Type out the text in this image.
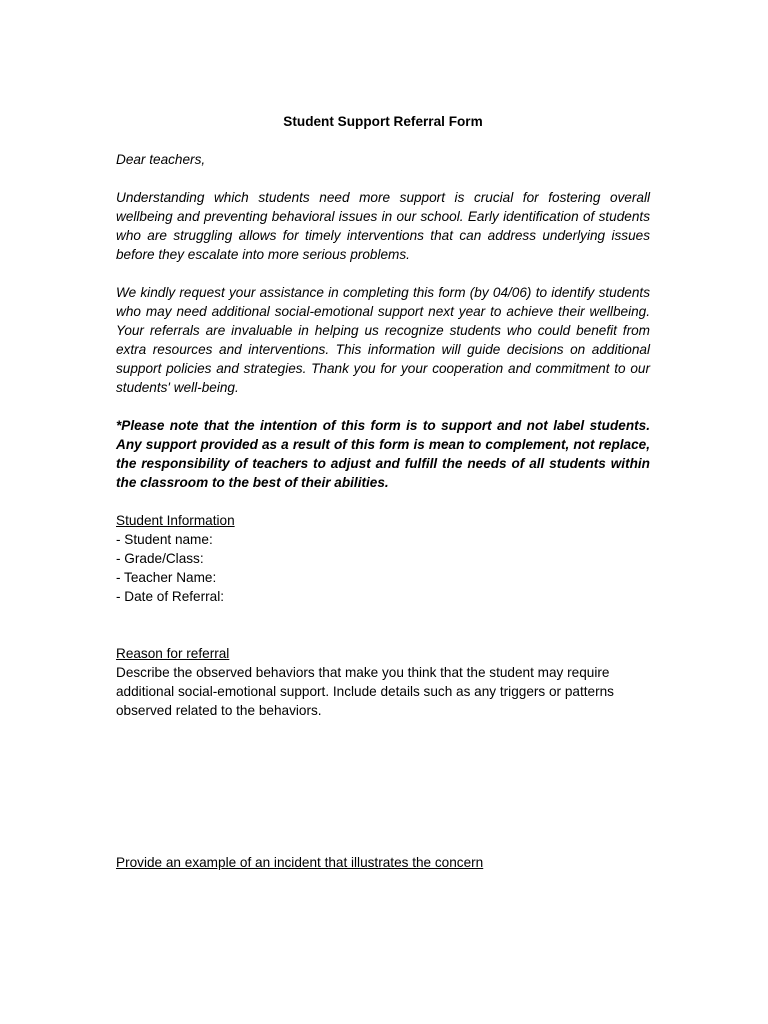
Student Support Referral Form

Dear teachers,

Understanding which students need more support is crucial for fostering overall wellbeing and preventing behavioral issues in our school. Early identification of students who are struggling allows for timely interventions that can address underlying issues before they escalate into more serious problems.

We kindly request your assistance in completing this form (by 04/06) to identify students who may need additional social-emotional support next year to achieve their wellbeing. Your referrals are invaluable in helping us recognize students who could benefit from extra resources and interventions. This information will guide decisions on additional support policies and strategies. Thank you for your cooperation and commitment to our students' well-being.

*Please note that the intention of this form is to support and not label students. Any support provided as a result of this form is mean to complement, not replace, the responsibility of teachers to adjust and fulfill the needs of all students within the classroom to the best of their abilities.

Student Information

- Student name:
- Grade/Class:
- Teacher Name:
- Date of Referral:

Reason for referral

Describe the observed behaviors that make you think that the student may require additional social-emotional support. Include details such as any triggers or patterns observed related to the behaviors.

Provide an example of an incident that illustrates the concern
